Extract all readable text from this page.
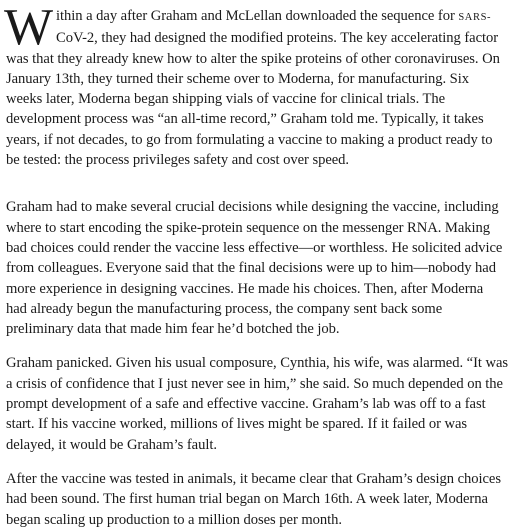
W ithin a day after Graham and McLellan downloaded the sequence for SARS-
CoV-2, they had designed the modified proteins. The key accelerating factor
was that they already knew how to alter the spike proteins of other coronaviruses. On
January 13th, they turned their scheme over to Moderna, for manufacturing. Six
weeks later, Moderna began shipping vials of vaccine for clinical trials. The
development process was “an all-time record,” Graham told me. Typically, it takes
years, if not decades, to go from formulating a vaccine to making a product ready to
be tested: the process privileges safety and cost over speed.

Graham had to make several crucial decisions while designing the vaccine, including
where to start encoding the spike-protein sequence on the messenger RNA. Making
bad choices could render the vaccine less effective—or worthless. He solicited advice
from colleagues. Everyone said that the final decisions were up to him—nobody had
more experience in designing vaccines. He made his choices. Then, after Moderna
had already begun the manufacturing process, the company sent back some
preliminary data that made him fear he’d botched the job.

Graham panicked. Given his usual composure, Cynthia, his wife, was alarmed. “It was
a crisis of confidence that I just never see in him,” she said. So much depended on the
prompt development of a safe and effective vaccine. Graham’s lab was off to a fast
start. If his vaccine worked, millions of lives might be spared. If it failed or was
delayed, it would be Graham’s fault.

After the vaccine was tested in animals, it became clear that Graham’s design choices
had been sound. The first human trial began on March 16th. A week later, Moderna
began scaling up production to a million doses per month.
